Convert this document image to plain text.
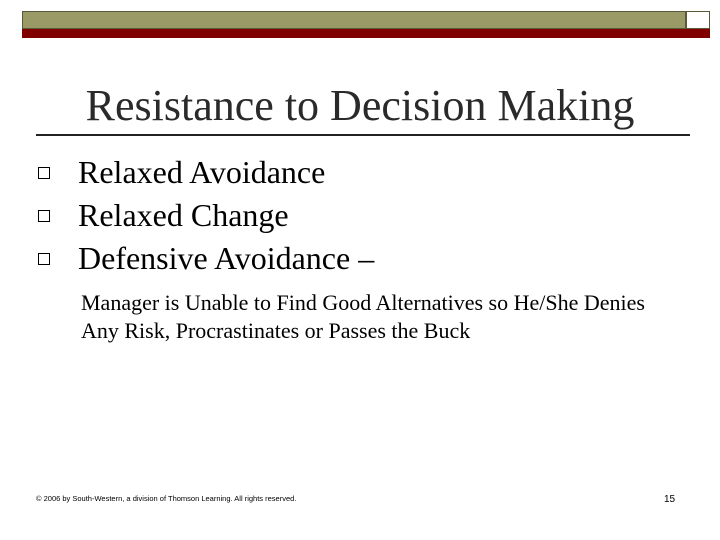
Resistance to Decision Making
Relaxed Avoidance
Relaxed Change
Defensive Avoidance –

Manager is Unable to Find Good Alternatives so He/She Denies Any Risk, Procrastinates or Passes the Buck

© 2006 by South-Western, a division of Thomson Learning. All rights reserved.	15
